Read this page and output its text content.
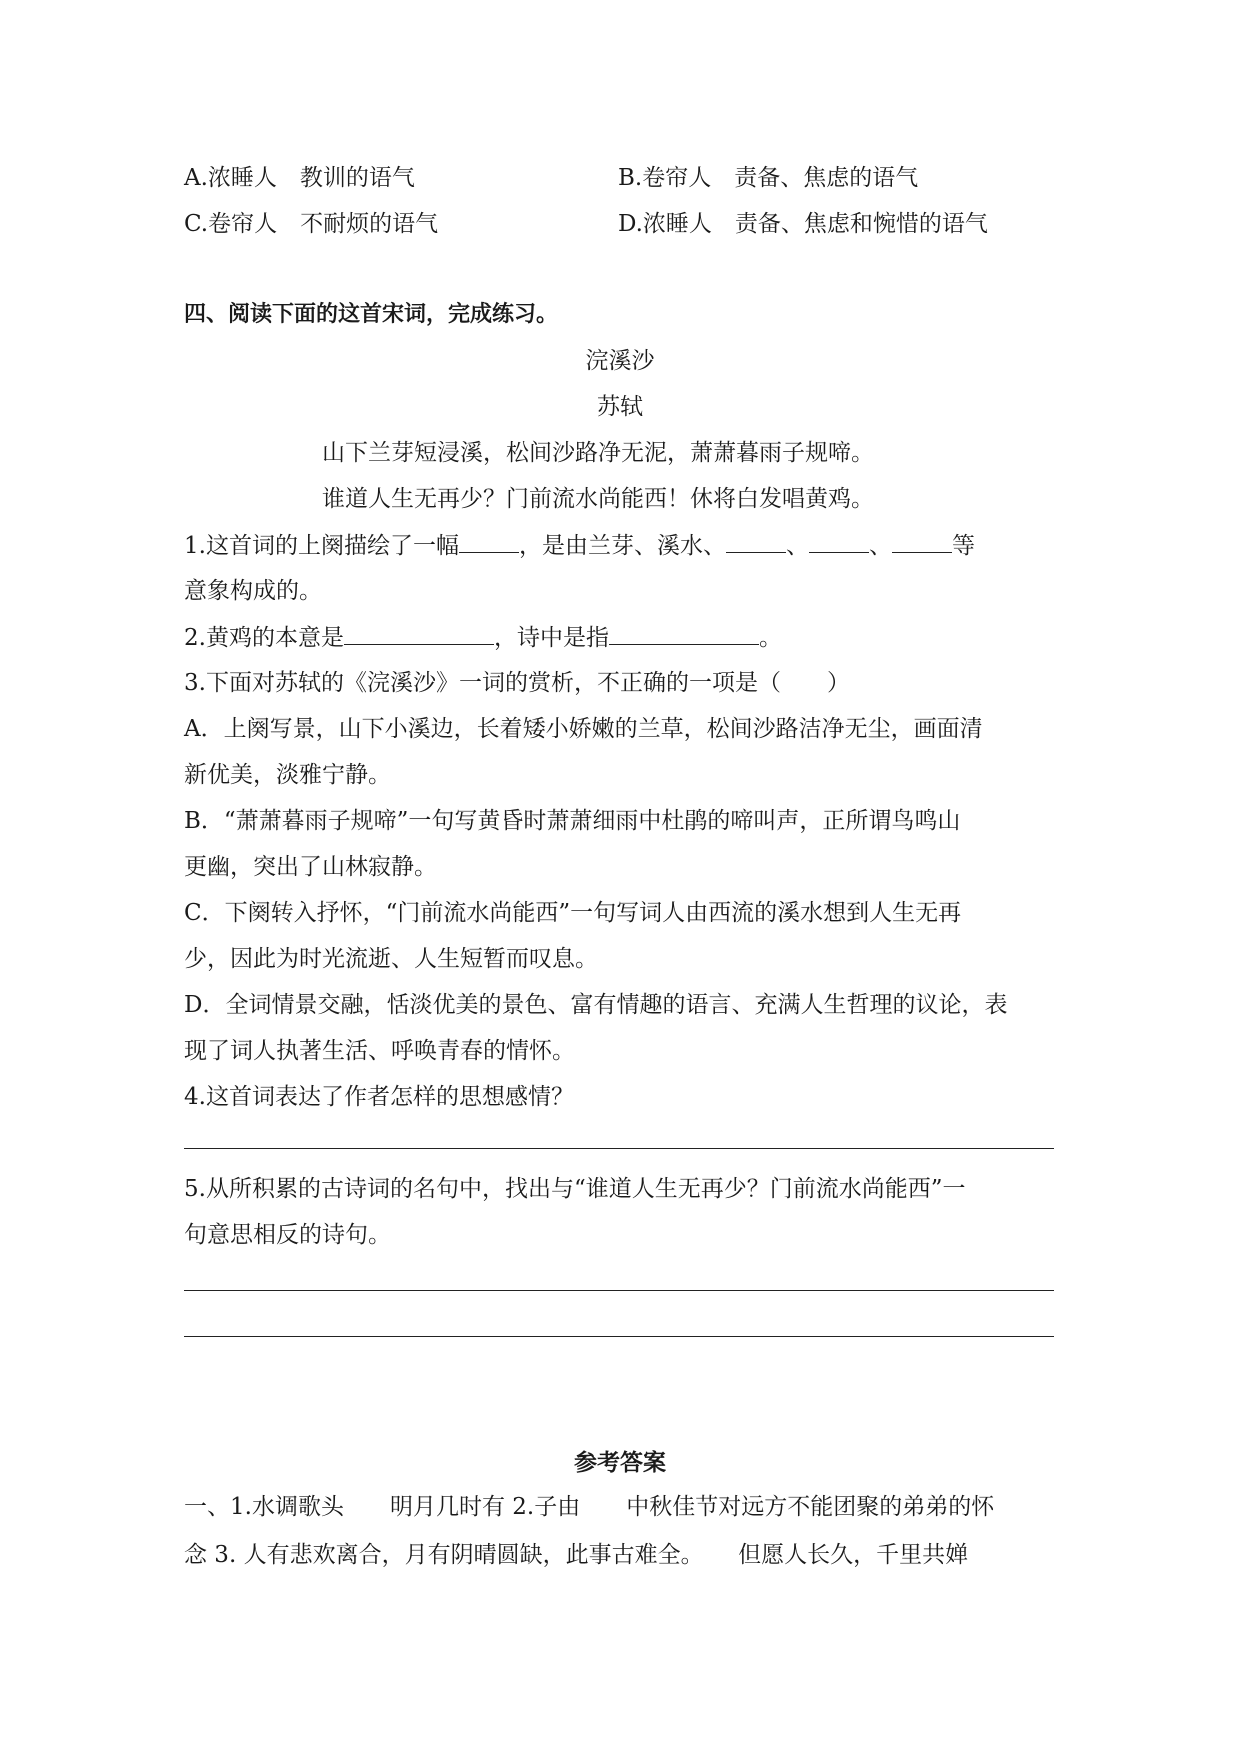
A.浓睡人　教训的语气	B.卷帘人　责备、焦虑的语气
C.卷帘人　不耐烦的语气	D.浓睡人　责备、焦虑和惋惜的语气
四、阅读下面的这首宋词，完成练习。
浣溪沙
苏轼
山下兰芽短浸溪，松间沙路净无泥，萧萧暮雨子规啼。
谁道人生无再少？门前流水尚能西！休将白发唱黄鸡。
1.这首词的上阕描绘了一幅	，是由兰芽、溪水、	、	、	等
意象构成的。
2.黄鸡的本意是	，诗中是指	。
3.下面对苏轼的《浣溪沙》一词的赏析，不正确的一项是（　　）
A．上阕写景，山下小溪边，长着矮小娇嫩的兰草，松间沙路洁净无尘，画面清
新优美，淡雅宁静。
B．“萧萧暮雨子规啼”一句写黄昏时萧萧细雨中杜鹃的啼叫声，正所谓鸟鸣山
更幽，突出了山林寂静。
C．下阕转入抒怀，“门前流水尚能西”一句写词人由西流的溪水想到人生无再
少，因此为时光流逝、人生短暂而叹息。
D．全词情景交融，恬淡优美的景色、富有情趣的语言、充满人生哲理的议论，表
现了词人执著生活、呼唤青春的情怀。
4.这首词表达了作者怎样的思想感情？
5.从所积累的古诗词的名句中，找出与“谁道人生无再少？门前流水尚能西”一
句意思相反的诗句。
参考答案
一、1.水调歌头　　明月几时有 2.子由　　中秋佳节对远方不能团聚的弟弟的怀
念 3. 人有悲欢离合，月有阴晴圆缺，此事古难全。　　但愿人长久，千里共婵
